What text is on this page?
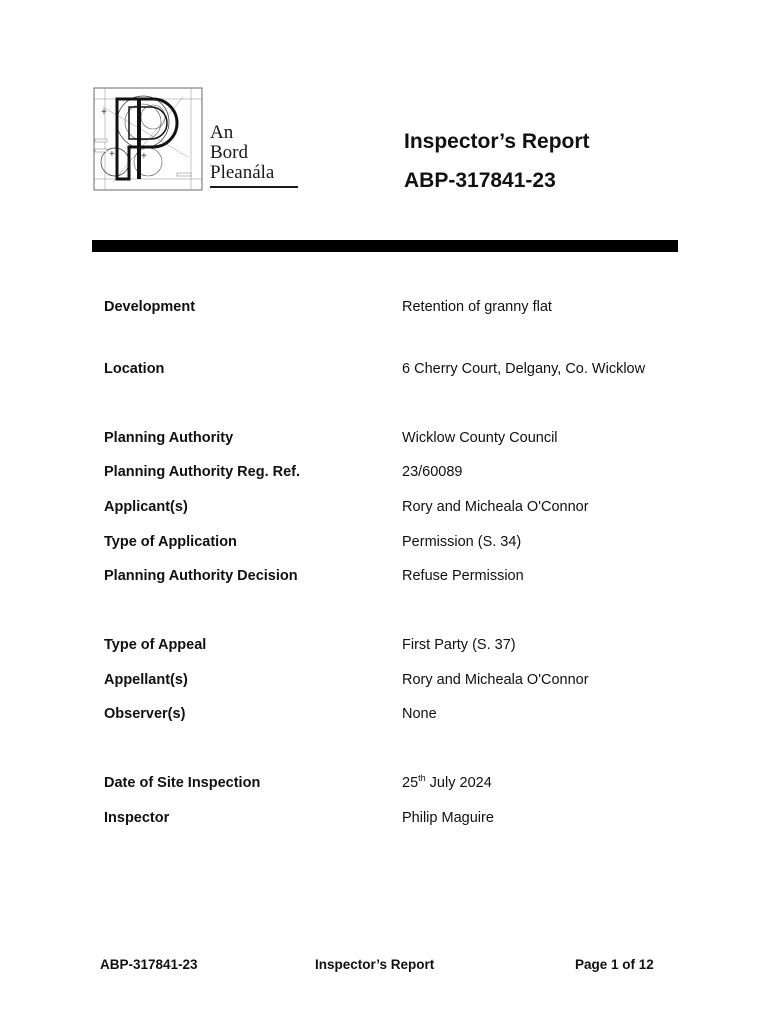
+
+	+
An
Bord
Pleanála
Inspector’s Report
ABP-317841-23
Development	Retention of granny flat
Location	6 Cherry Court, Delgany, Co. Wicklow
Planning Authority	Wicklow County Council
Planning Authority Reg. Ref.	23/60089
Applicant(s)	Rory and Micheala O'Connor
Type of Application	Permission (S. 34)
Planning Authority Decision	Refuse Permission
Type of Appeal	First Party (S. 37)
Appellant(s)	Rory and Micheala O'Connor
Observer(s)	None
Date of Site Inspection	25th July 2024
Inspector	Philip Maguire
ABP-317841-23	Inspector’s Report	Page 1 of 12
